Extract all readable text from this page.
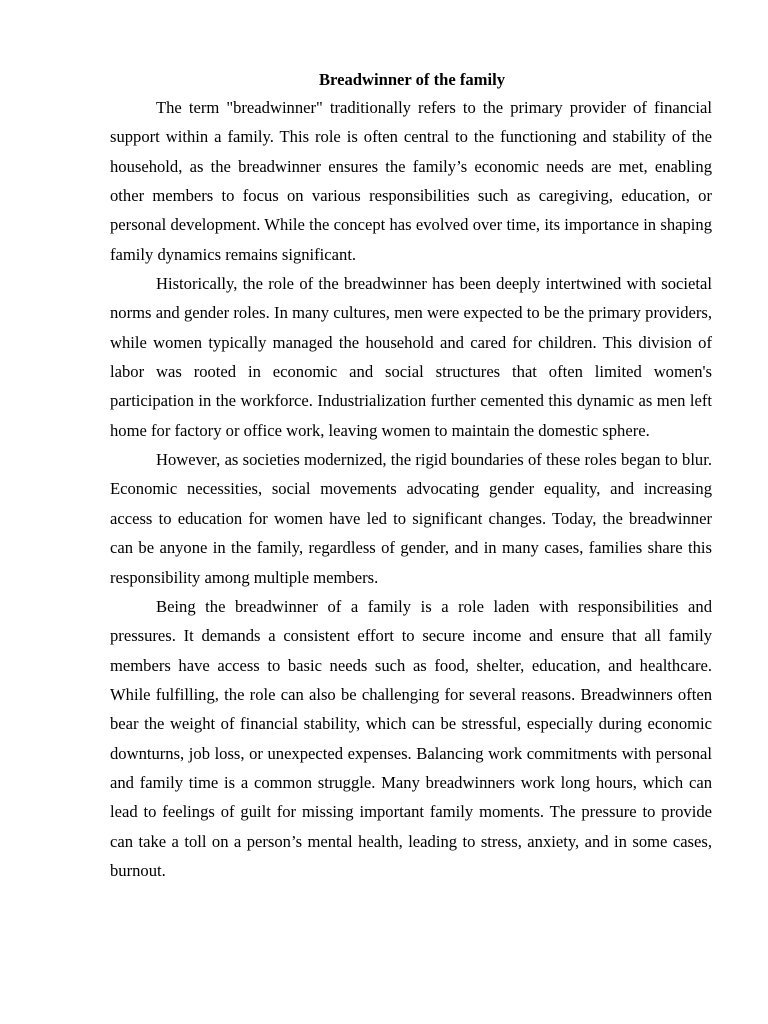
Breadwinner of the family

The term "breadwinner" traditionally refers to the primary provider of financial support within a family. This role is often central to the functioning and stability of the household, as the breadwinner ensures the family’s economic needs are met, enabling other members to focus on various responsibilities such as caregiving, education, or personal development. While the concept has evolved over time, its importance in shaping family dynamics remains significant.

Historically, the role of the breadwinner has been deeply intertwined with societal norms and gender roles. In many cultures, men were expected to be the primary providers, while women typically managed the household and cared for children. This division of labor was rooted in economic and social structures that often limited women's participation in the workforce. Industrialization further cemented this dynamic as men left home for factory or office work, leaving women to maintain the domestic sphere.

However, as societies modernized, the rigid boundaries of these roles began to blur. Economic necessities, social movements advocating gender equality, and increasing access to education for women have led to significant changes. Today, the breadwinner can be anyone in the family, regardless of gender, and in many cases, families share this responsibility among multiple members.

Being the breadwinner of a family is a role laden with responsibilities and pressures. It demands a consistent effort to secure income and ensure that all family members have access to basic needs such as food, shelter, education, and healthcare. While fulfilling, the role can also be challenging for several reasons. Breadwinners often bear the weight of financial stability, which can be stressful, especially during economic downturns, job loss, or unexpected expenses. Balancing work commitments with personal and family time is a common struggle. Many breadwinners work long hours, which can lead to feelings of guilt for missing important family moments. The pressure to provide can take a toll on a person’s mental health, leading to stress, anxiety, and in some cases, burnout.
